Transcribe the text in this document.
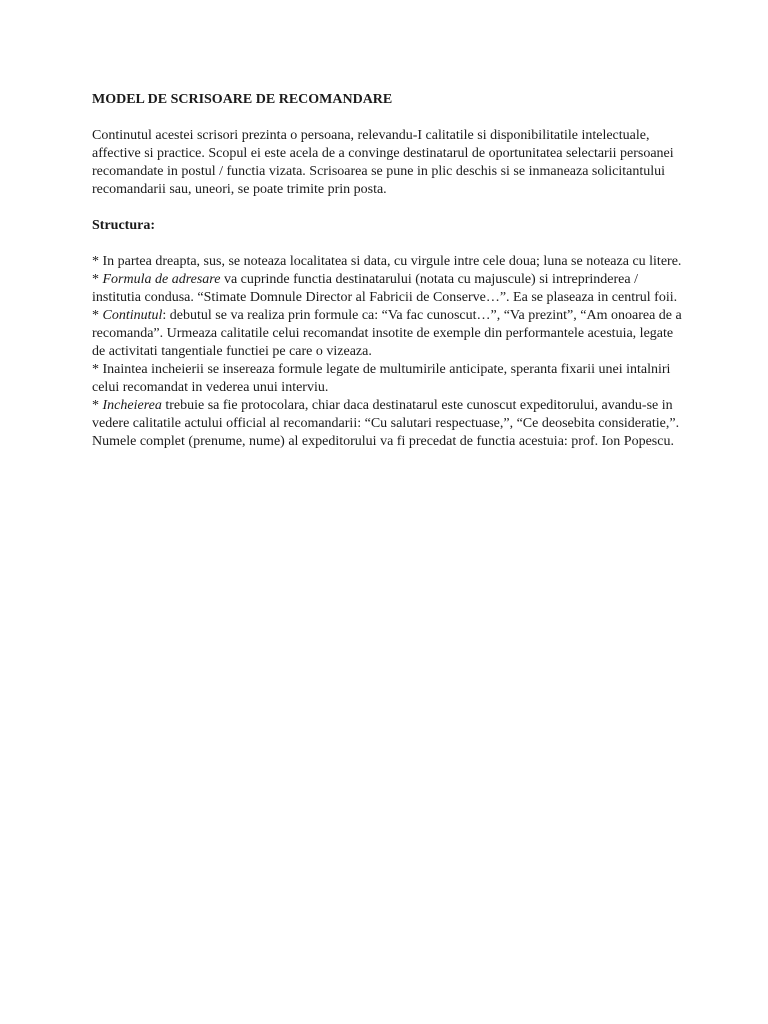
MODEL DE SCRISOARE DE RECOMANDARE
Continutul acestei scrisori prezinta o persoana, relevandu-I calitatile si disponibilitatile intelectuale, affective si practice. Scopul ei este acela de a convinge destinatarul de oportunitatea selectarii persoanei recomandate in postul / functia vizata. Scrisoarea se pune in plic deschis si se inmaneaza solicitantului recomandarii sau, uneori, se poate trimite prin posta.
Structura:
* In partea dreapta, sus, se noteaza localitatea si data, cu virgule intre cele doua; luna se noteaza cu litere.
* Formula de adresare va cuprinde functia destinatarului (notata cu majuscule) si intreprinderea / institutia condusa. “Stimate Domnule Director al Fabricii de Conserve…”. Ea se plaseaza in centrul foii.
* Continutul: debutul se va realiza prin formule ca: “Va fac cunoscut…”, “Va prezint”, “Am onoarea de a recomanda”. Urmeaza calitatile celui recomandat insotite de exemple din performantele acestuia, legate de activitati tangentiale functiei pe care o vizeaza.
* Inaintea incheierii se insereaza formule legate de multumirile anticipate, speranta fixarii unei intalniri celui recomandat in vederea unui interviu.
* Incheierea trebuie sa fie protocolara, chiar daca destinatarul este cunoscut expeditorului, avandu-se in vedere calitatile actului official al recomandarii: “Cu salutari respectuase,”, “Ce deosebita consideratie,”. Numele complet (prenume, nume) al expeditorului va fi precedat de functia acestuia: prof. Ion Popescu.
